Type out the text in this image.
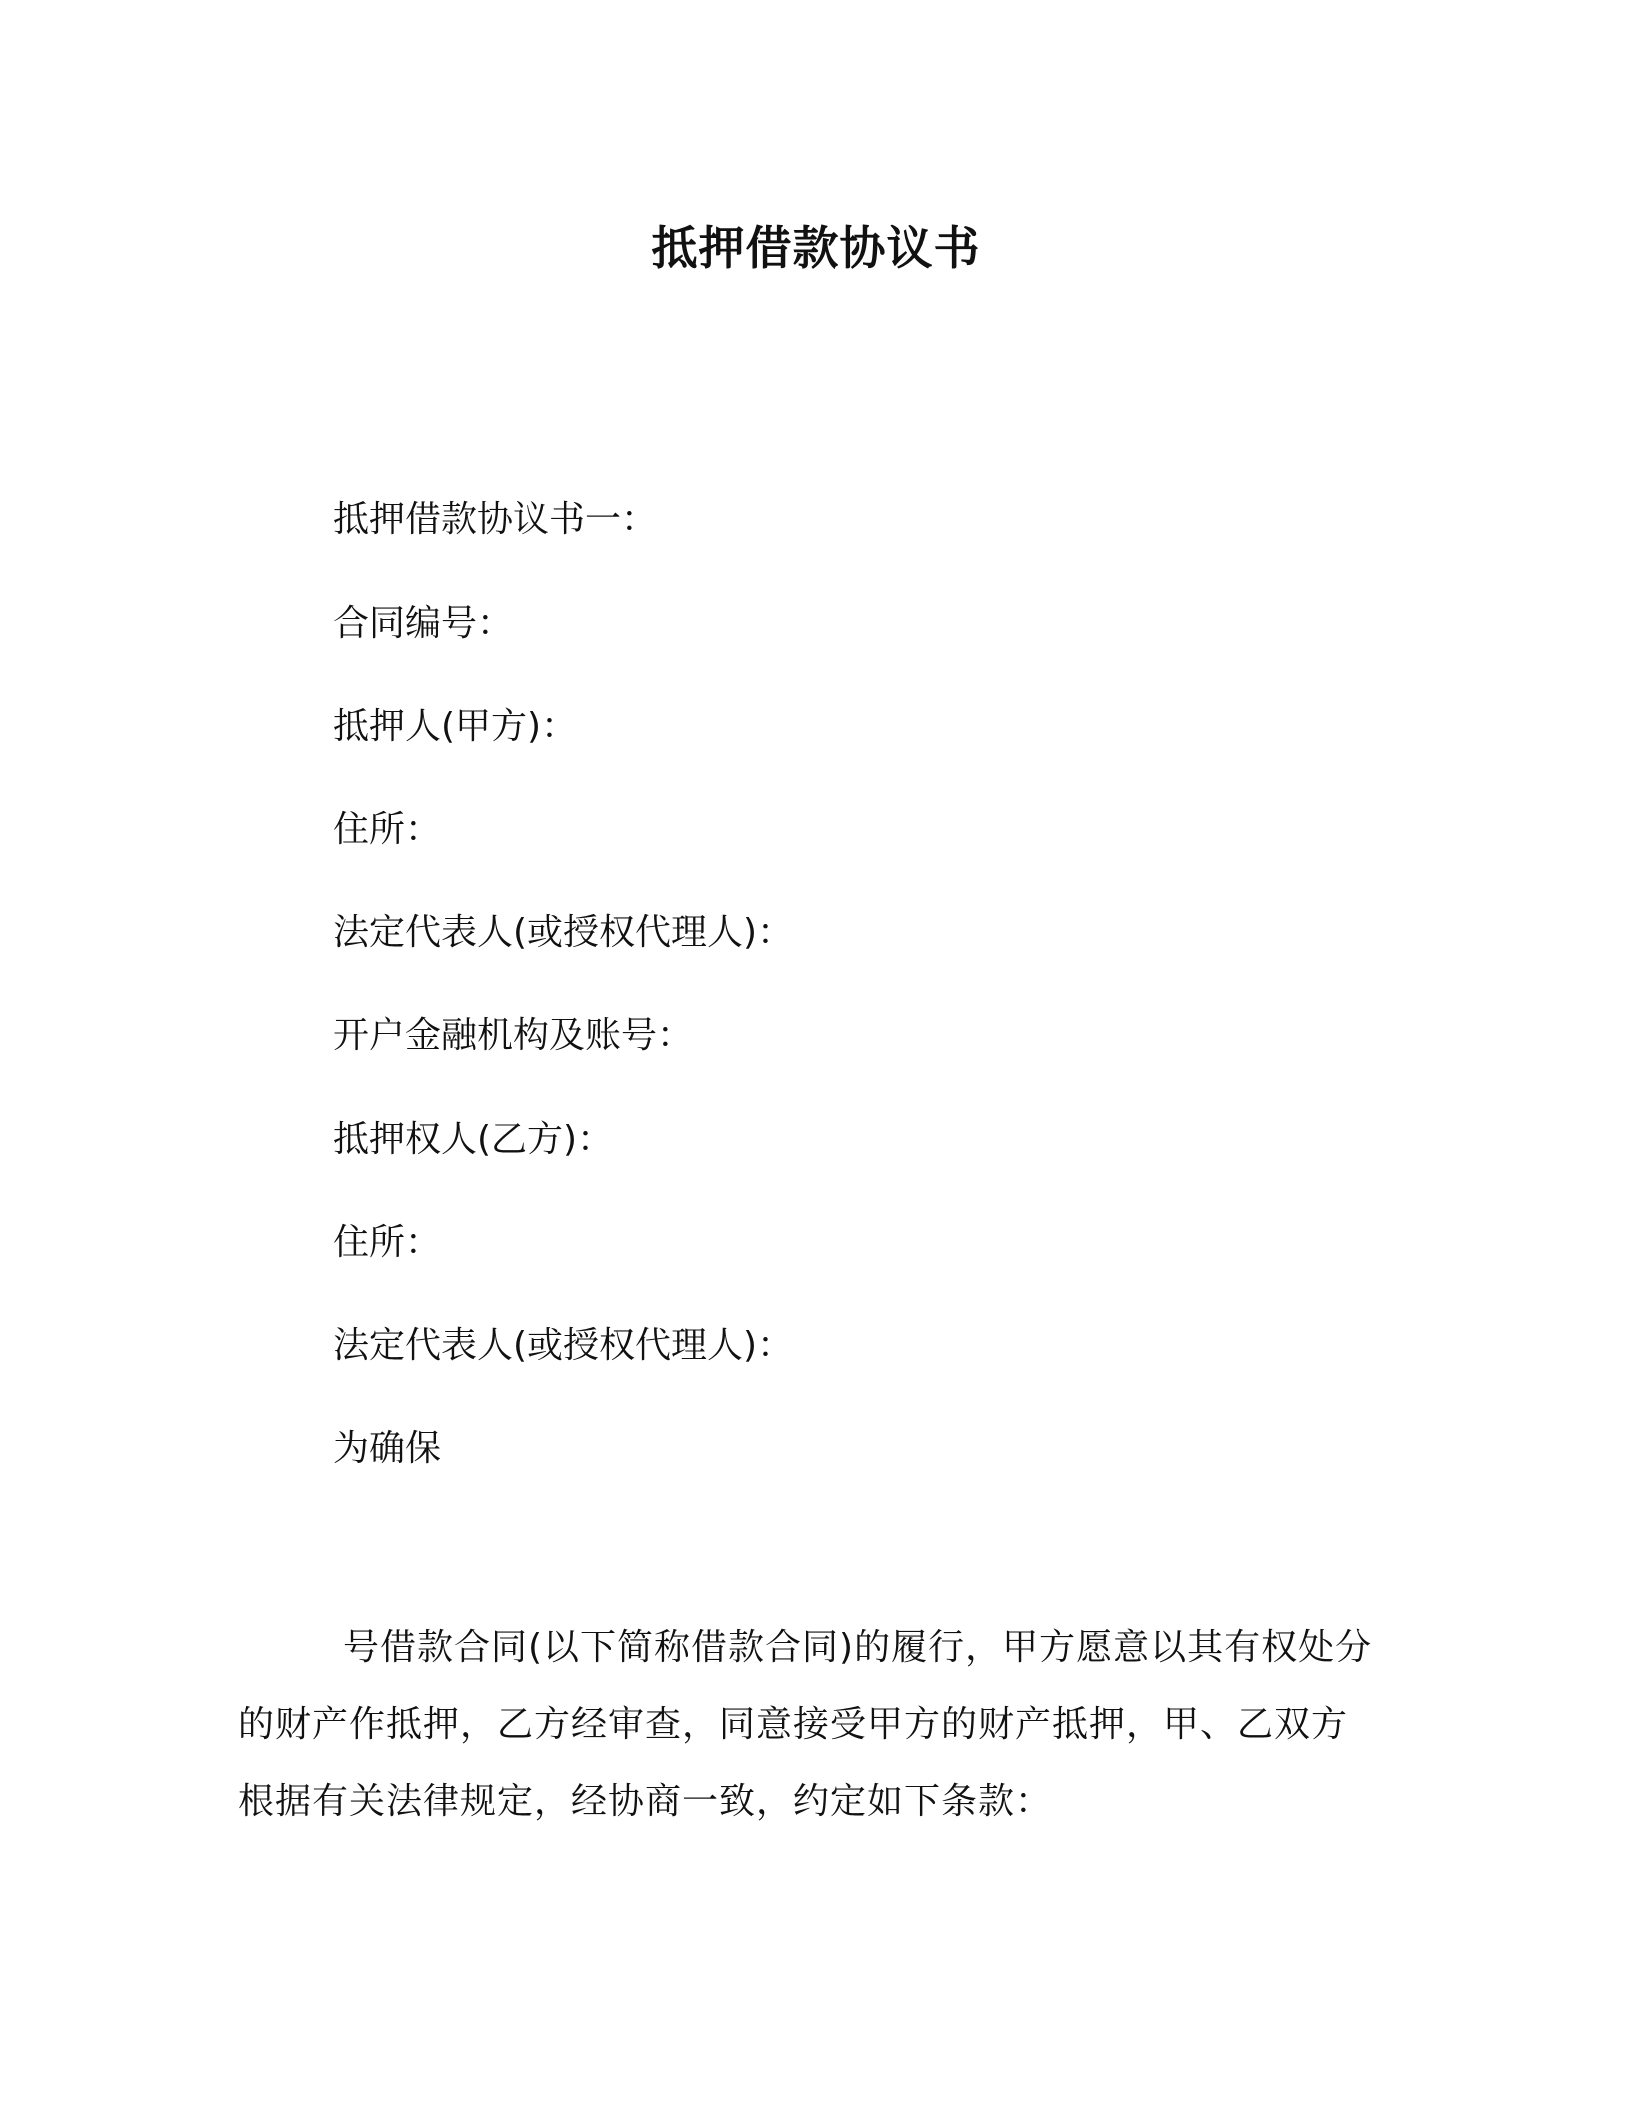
抵押借款协议书
抵押借款协议书一：
合同编号：
抵押人(甲方)：
住所：
法定代表人(或授权代理人)：
开户金融机构及账号：
抵押权人(乙方)：
住所：
法定代表人(或授权代理人)：
为确保
号借款合同(以下简称借款合同)的履行，甲方愿意以其有权处分
的财产作抵押，乙方经审查，同意接受甲方的财产抵押，甲、乙双方
根据有关法律规定，经协商一致，约定如下条款：
